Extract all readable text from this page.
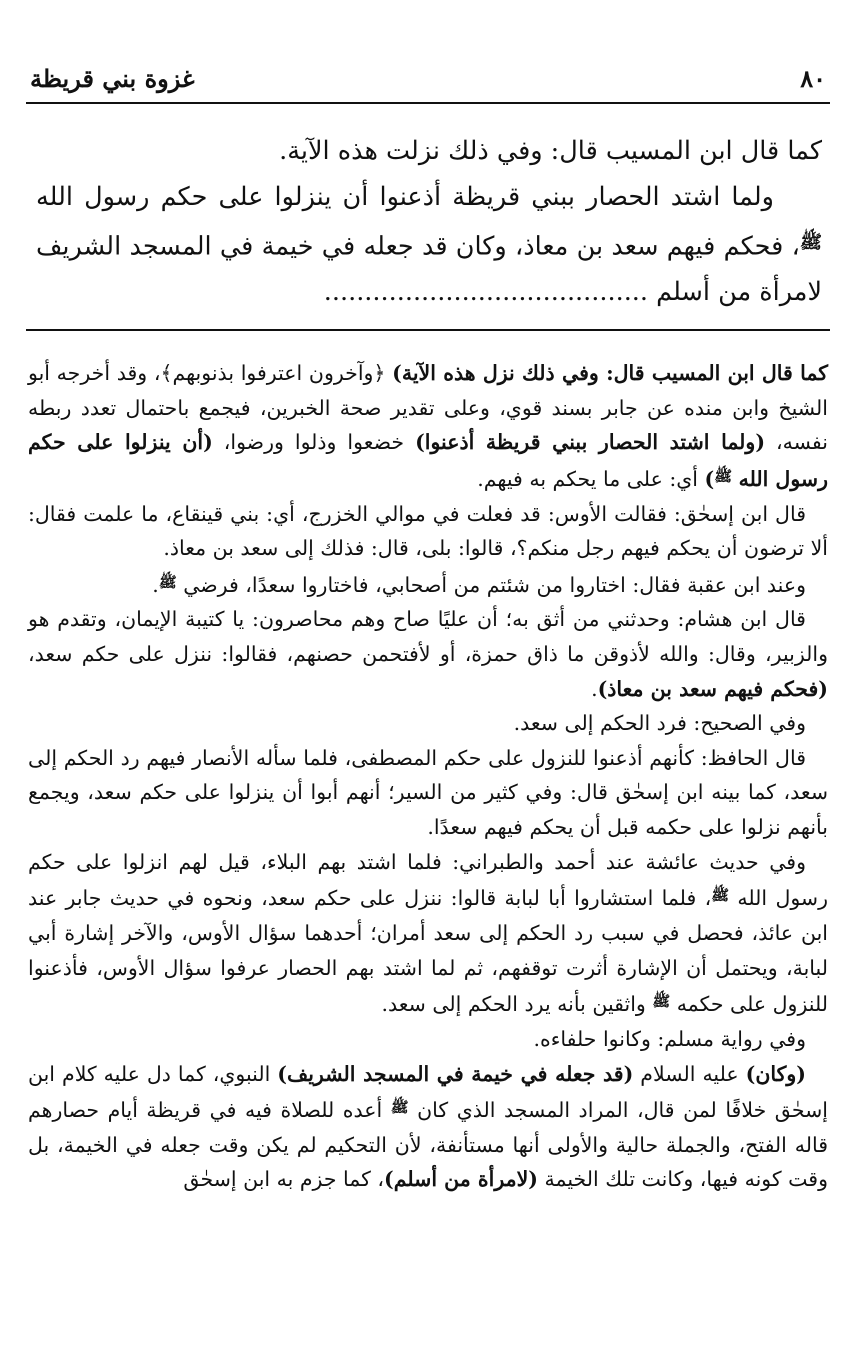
٨٠
غزوة بني قريظة

كما قال ابن المسيب قال: وفي ذلك نزلت هذه الآية.

ولما اشتد الحصار ببني قريظة أذعنوا أن ينزلوا على حكم رسول الله $^ﷺ$، فحكم فيهم سعد بن معاذ، وكان قد جعله في خيمة في المسجد الشريف لامرأة من أسلم ........................................

كما قال ابن المسيب قال: وفي ذلك نزل هذه الآية) ﴿وآخرون اعترفوا بذنوبهم﴾، وقد أخرجه أبو الشيخ وابن منده عن جابر بسند قوي، وعلى تقدير صحة الخبرين، فيجمع باحتمال تعدد ربطه نفسه، (ولما اشتد الحصار ببني قريظة أذعنوا) خضعوا وذلوا ورضوا، (أن ينزلوا على حكم رسول الله $^ﷺ$) أي: على ما يحكم به فيهم.

قال ابن إسحٰق: فقالت الأوس: قد فعلت في موالي الخزرج، أي: بني قينقاع، ما علمت فقال: ألا ترضون أن يحكم فيهم رجل منكم؟، قالوا: بلى، قال: فذلك إلى سعد بن معاذ.

وعند ابن عقبة فقال: اختاروا من شئتم من أصحابي، فاختاروا سعدًا، فرضي $^ﷺ$.

قال ابن هشام: وحدثني من أثق به؛ أن عليًا صاح وهم محاصرون: يا كتيبة الإيمان، وتقدم هو والزبير، وقال: والله لأذوقن ما ذاق حمزة، أو لأفتحمن حصنهم، فقالوا: ننزل على حكم سعد، (فحكم فيهم سعد بن معاذ).

وفي الصحيح: فرد الحكم إلى سعد.

قال الحافظ: كأنهم أذعنوا للنزول على حكم المصطفى، فلما سأله الأنصار فيهم رد الحكم إلى سعد، كما بينه ابن إسحٰق قال: وفي كثير من السير؛ أنهم أبوا أن ينزلوا على حكم سعد، ويجمع بأنهم نزلوا على حكمه قبل أن يحكم فيهم سعدًا.

وفي حديث عائشة عند أحمد والطبراني: فلما اشتد بهم البلاء، قيل لهم انزلوا على حكم رسول الله $^ﷺ$، فلما استشاروا أبا لبابة قالوا: ننزل على حكم سعد، ونحوه في حديث جابر عند ابن عائذ، فحصل في سبب رد الحكم إلى سعد أمران؛ أحدهما سؤال الأوس، والآخر إشارة أبي لبابة، ويحتمل أن الإشارة أثرت توقفهم، ثم لما اشتد بهم الحصار عرفوا سؤال الأوس، فأذعنوا للنزول على حكمه $^ﷺ$ واثقين بأنه يرد الحكم إلى سعد.

وفي رواية مسلم: وكانوا حلفاءه.

(وكان) عليه السلام (قد جعله في خيمة في المسجد الشريف) النبوي، كما دل عليه كلام ابن إسحٰق خلافًا لمن قال، المراد المسجد الذي كان $^ﷺ$ أعده للصلاة فيه في قريظة أيام حصارهم قاله الفتح، والجملة حالية والأولى أنها مستأنفة، لأن التحكيم لم يكن وقت جعله في الخيمة، بل وقت كونه فيها، وكانت تلك الخيمة (لامرأة من أسلم)، كما جزم به ابن إسحٰق
